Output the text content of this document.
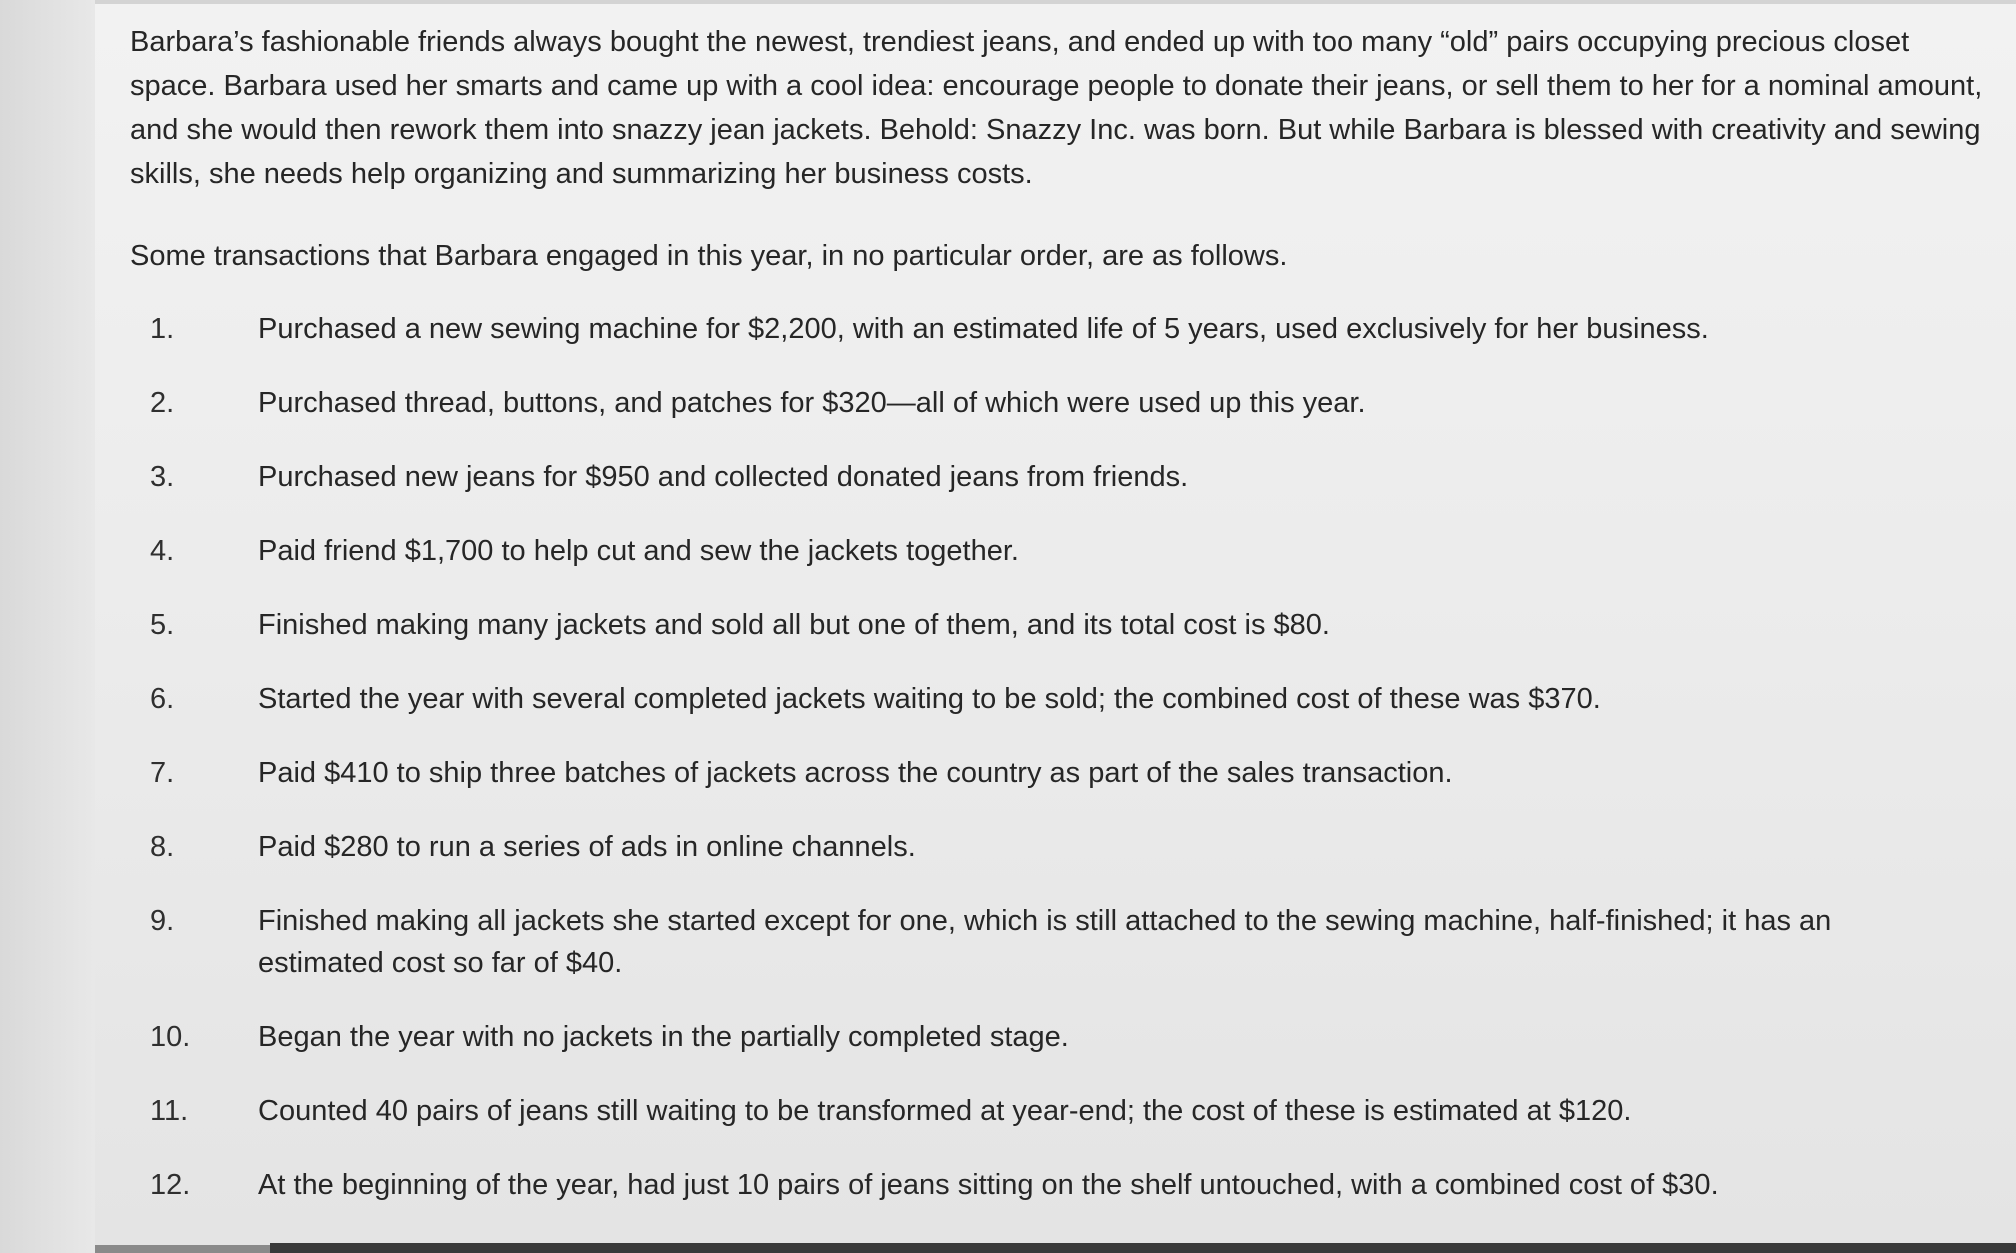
Barbara’s fashionable friends always bought the newest, trendiest jeans, and ended up with too many “old” pairs occupying precious closet space. Barbara used her smarts and came up with a cool idea: encourage people to donate their jeans, or sell them to her for a nominal amount, and she would then rework them into snazzy jean jackets. Behold: Snazzy Inc. was born. But while Barbara is blessed with creativity and sewing skills, she needs help organizing and summarizing her business costs.

Some transactions that Barbara engaged in this year, in no particular order, are as follows.

1.	Purchased a new sewing machine for $2,200, with an estimated life of 5 years, used exclusively for her business.
2.	Purchased thread, buttons, and patches for $320—all of which were used up this year.
3.	Purchased new jeans for $950 and collected donated jeans from friends.
4.	Paid friend $1,700 to help cut and sew the jackets together.
5.	Finished making many jackets and sold all but one of them, and its total cost is $80.
6.	Started the year with several completed jackets waiting to be sold; the combined cost of these was $370.
7.	Paid $410 to ship three batches of jackets across the country as part of the sales transaction.
8.	Paid $280 to run a series of ads in online channels.
9.	Finished making all jackets she started except for one, which is still attached to the sewing machine, half-finished; it has an estimated cost so far of $40.
10.	Began the year with no jackets in the partially completed stage.
11.	Counted 40 pairs of jeans still waiting to be transformed at year-end; the cost of these is estimated at $120.
12.	At the beginning of the year, had just 10 pairs of jeans sitting on the shelf untouched, with a combined cost of $30.
